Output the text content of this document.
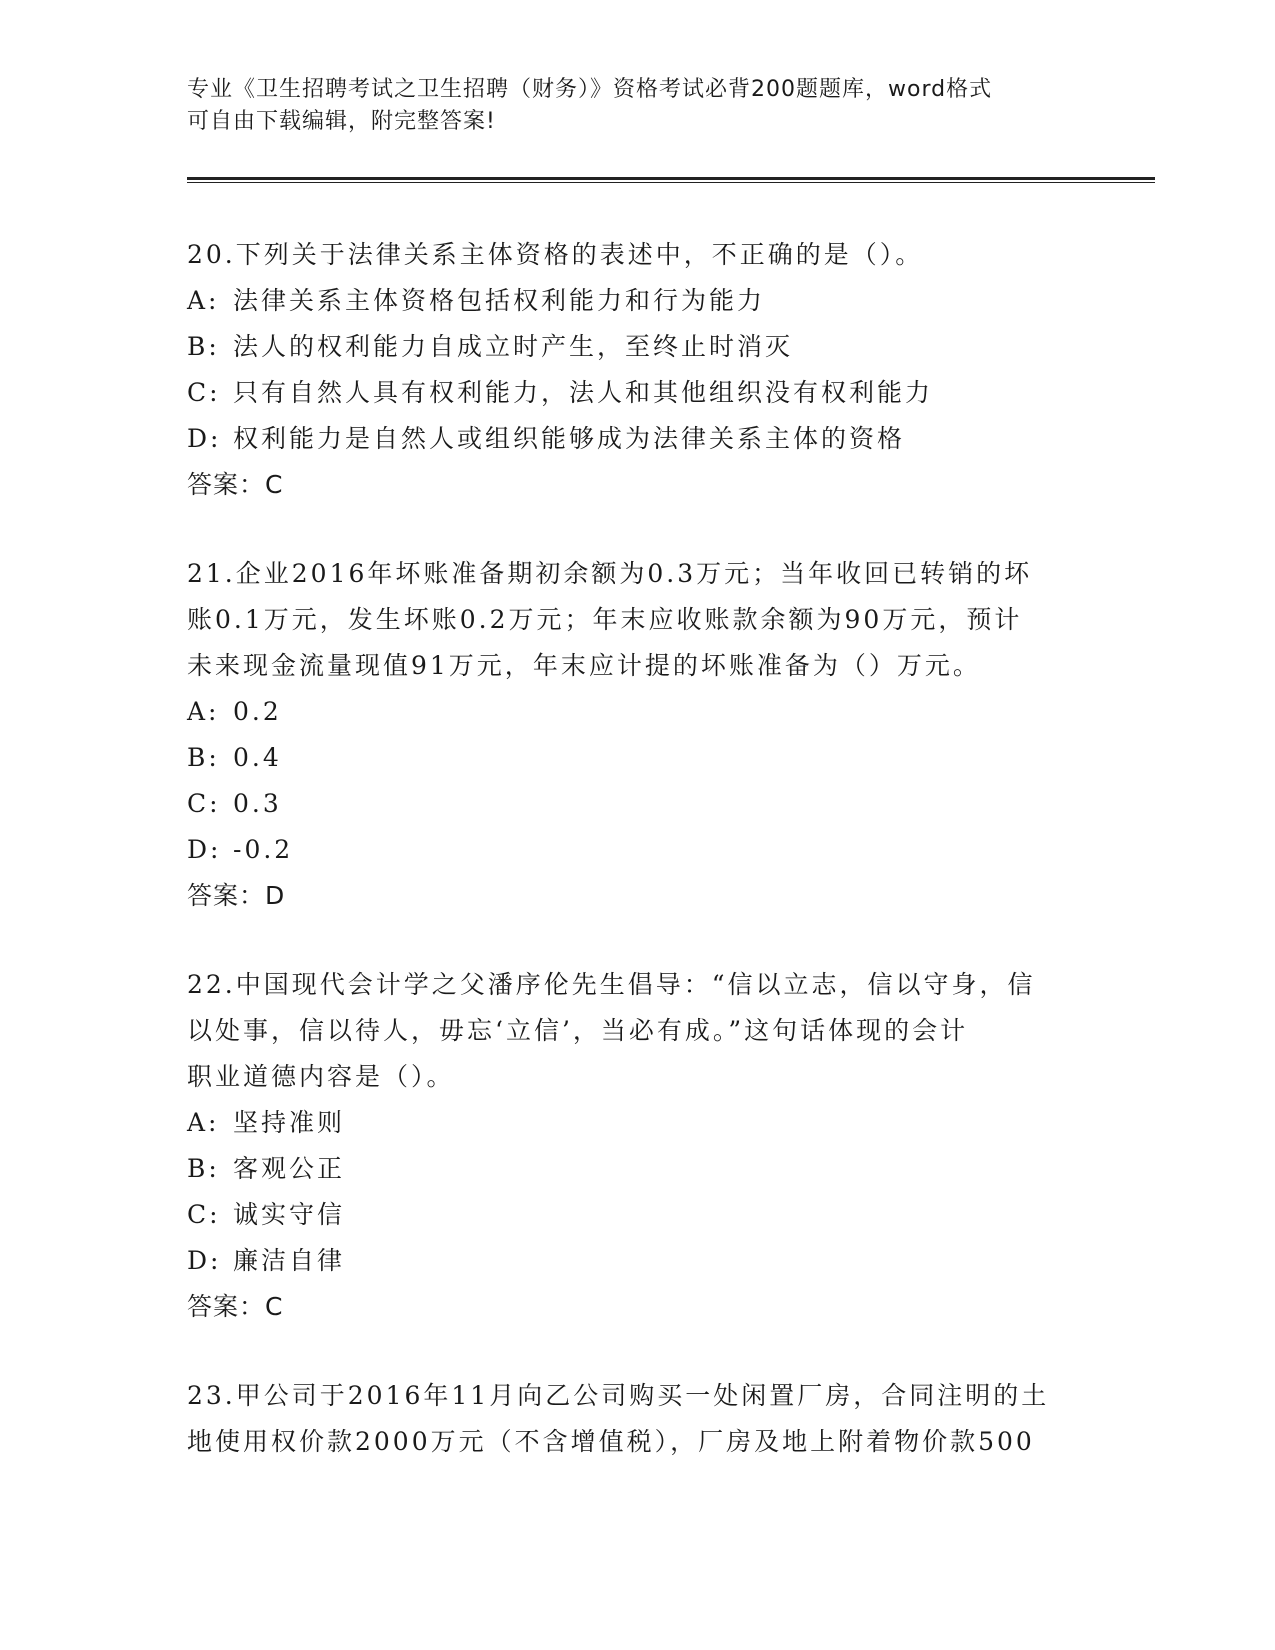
专业《卫生招聘考试之卫生招聘（财务）》资格考试必背200题题库，word格式
可自由下载编辑，附完整答案!

20.下列关于法律关系主体资格的表述中，不正确的是（）。

A: 法律关系主体资格包括权利能力和行为能力

B: 法人的权利能力自成立时产生，至终止时消灭

C: 只有自然人具有权利能力，法人和其他组织没有权利能力

D: 权利能力是自然人或组织能够成为法律关系主体的资格

答案：C

21.企业2016年坏账准备期初余额为0.3万元；当年收回已转销的坏

账0.1万元，发生坏账0.2万元；年末应收账款余额为90万元，预计

未来现金流量现值91万元，年末应计提的坏账准备为（）万元。

A: 0.2

B: 0.4

C: 0.3

D: -0.2

答案：D

22.中国现代会计学之父潘序伦先生倡导：“信以立志，信以守身，信

以处事，信以待人，毋忘‘立信’，当必有成。”这句话体现的会计

职业道德内容是（）。

A: 坚持准则

B: 客观公正

C: 诚实守信

D: 廉洁自律

答案：C

23.甲公司于2016年11月向乙公司购买一处闲置厂房，合同注明的土

地使用权价款2000万元（不含增值税），厂房及地上附着物价款500
